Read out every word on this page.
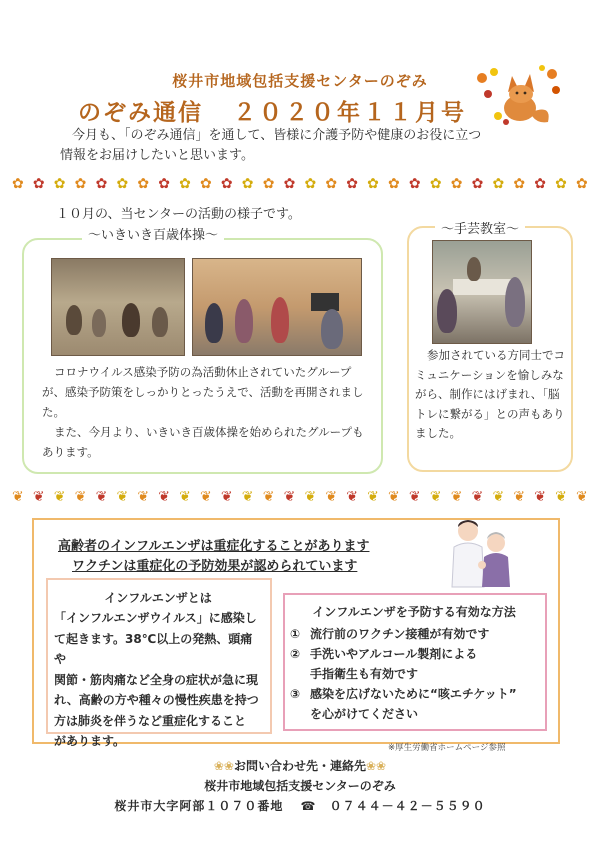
桜井市地域包括支援センターのぞみ
のぞみ通信 ２０２０年１１月号

今月も、「のぞみ通信」を通して、皆様に介護予防や健康のお役に立つ

情報をお届けしたいと思います。

✿ ✿ ✿ ✿ ✿ ✿ ✿ ✿ ✿ ✿ ✿ ✿ ✿ ✿ ✿ ✿ ✿ ✿ ✿ ✿ ✿ ✿ ✿ ✿ ✿ ✿ ✿ ✿
１０月の、当センターの活動の様子です。
～いきいき百歳体操～

コロナウイルス感染予防の為活動休止されていたグループが、感染予防策をしっかりとったうえで、活動を再開されました。

また、今月より、いきいき百歳体操を始められたグループもあります。

～手芸教室～

参加されている方同士でコミュニケーションを愉しみながら、制作にはげまれ、「脳トレに繋がる」との声もありました。

❦ ❦ ❦ ❦ ❦ ❦ ❦ ❦ ❦ ❦ ❦ ❦ ❦ ❦ ❦ ❦ ❦ ❦ ❦ ❦ ❦ ❦ ❦ ❦ ❦ ❦ ❦ ❦
高齢者のインフルエンザは重症化することがあります
ワクチンは重症化の予防効果が認められています
インフルエンザとは

「インフルエンザウイルス」に感染し

て起きます。38℃以上の発熱、頭痛や

関節・筋肉痛など全身の症状が急に現

れ、高齢の方や種々の慢性疾患を持つ

方は肺炎を伴うなど重症化すること

があります。

インフルエンザを予防する有効な方法
① 流行前のワクチン接種が有効です
② 手洗いやアルコール製剤による
手指衛生も有効です
③ 感染を広げないために“咳エチケット”
を心がけてください
※厚生労働省ホームページ参照
❀❀お問い合わせ先・連絡先❀❀
桜井市地域包括支援センターのぞみ
桜井市大字阿部１０７０番地 ☎ ０７４４－４２－５５９０
